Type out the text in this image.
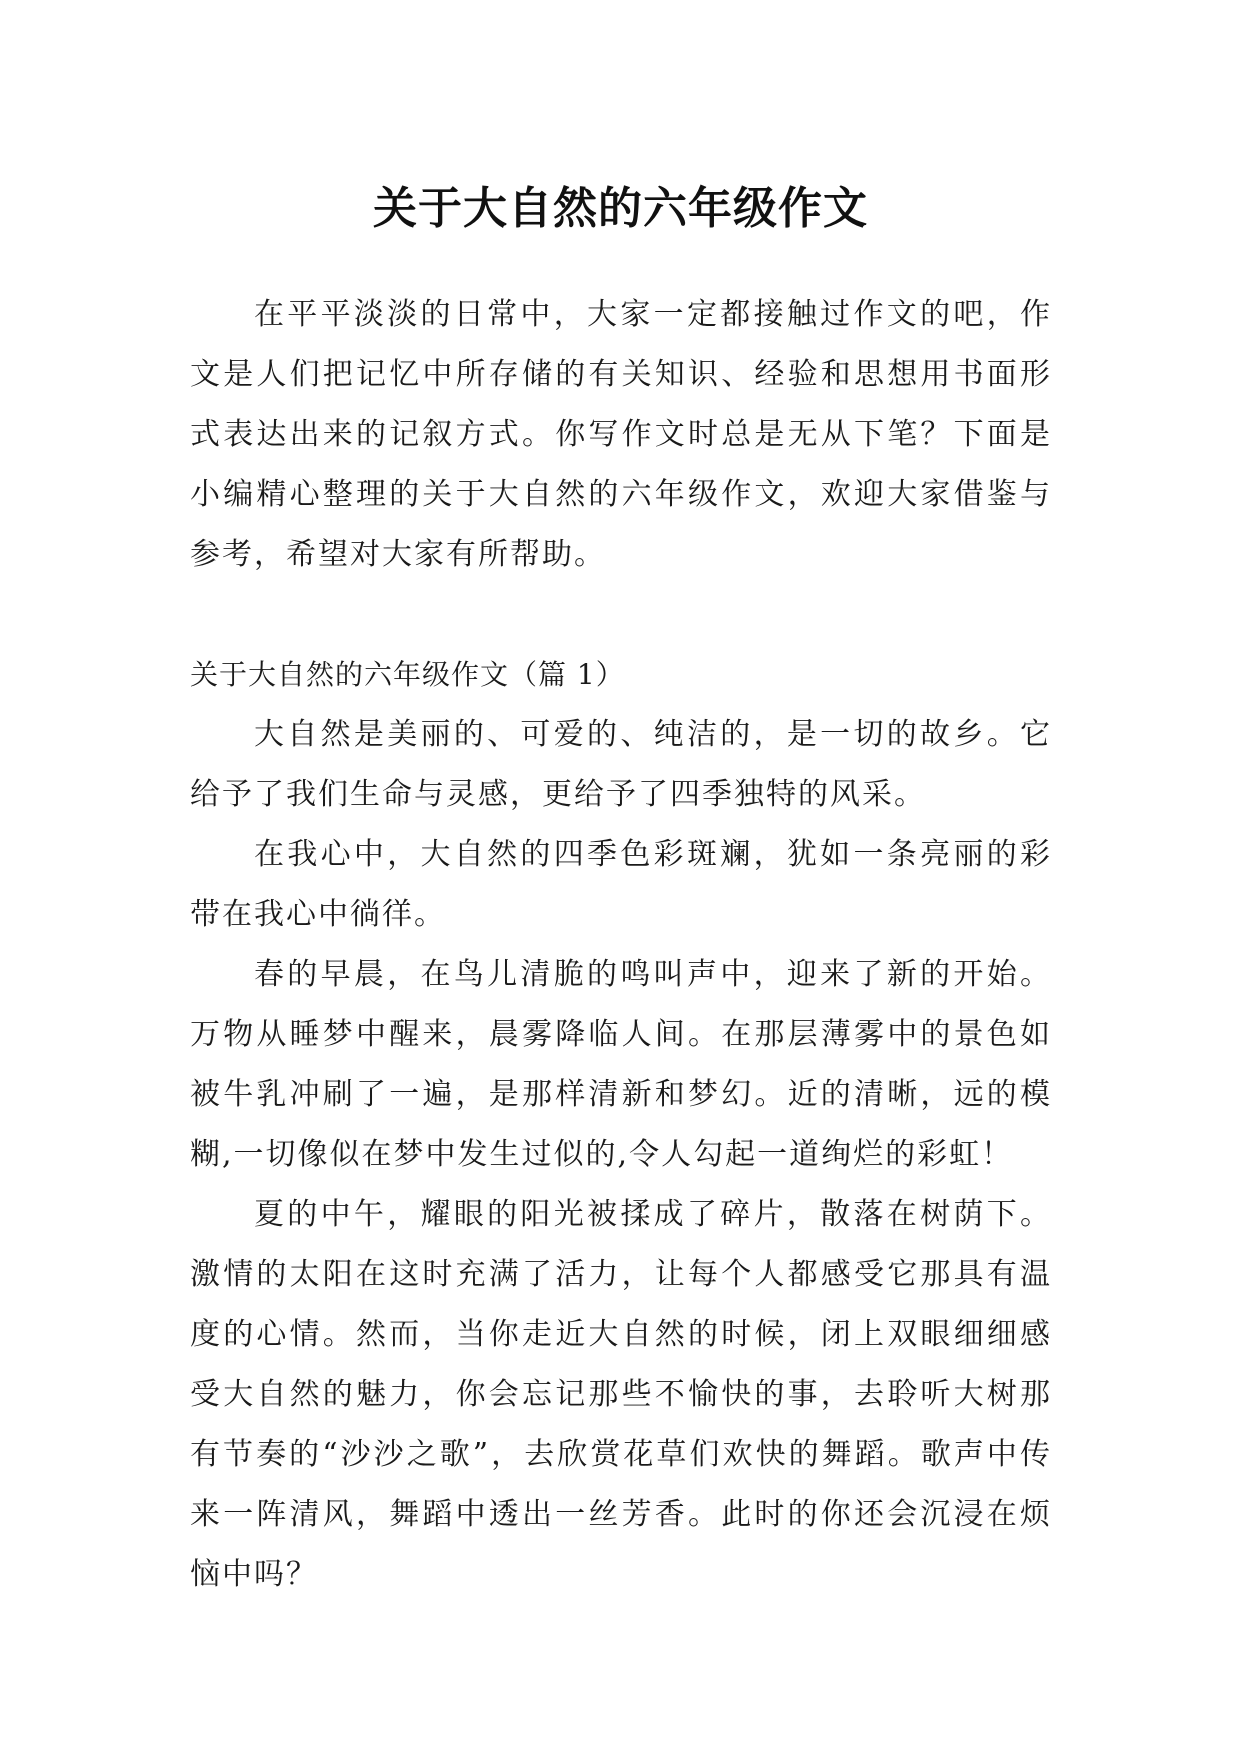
关于大自然的六年级作文

在平平淡淡的日常中，大家一定都接触过作文的吧，作文是人们把记忆中所存储的有关知识、经验和思想用书面形式表达出来的记叙方式。你写作文时总是无从下笔？下面是小编精心整理的关于大自然的六年级作文，欢迎大家借鉴与参考，希望对大家有所帮助。

关于大自然的六年级作文（篇 1）

大自然是美丽的、可爱的、纯洁的，是一切的故乡。它给予了我们生命与灵感，更给予了四季独特的风采。

在我心中，大自然的四季色彩斑斓，犹如一条亮丽的彩带在我心中徜徉。

春的早晨，在鸟儿清脆的鸣叫声中，迎来了新的开始。万物从睡梦中醒来，晨雾降临人间。在那层薄雾中的景色如被牛乳冲刷了一遍，是那样清新和梦幻。近的清晰，远的模糊,一切像似在梦中发生过似的,令人勾起一道绚烂的彩虹！

夏的中午，耀眼的阳光被揉成了碎片，散落在树荫下。激情的太阳在这时充满了活力，让每个人都感受它那具有温度的心情。然而，当你走近大自然的时候，闭上双眼细细感受大自然的魅力，你会忘记那些不愉快的事，去聆听大树那有节奏的“沙沙之歌”，去欣赏花草们欢快的舞蹈。歌声中传来一阵清风，舞蹈中透出一丝芳香。此时的你还会沉浸在烦恼中吗？
